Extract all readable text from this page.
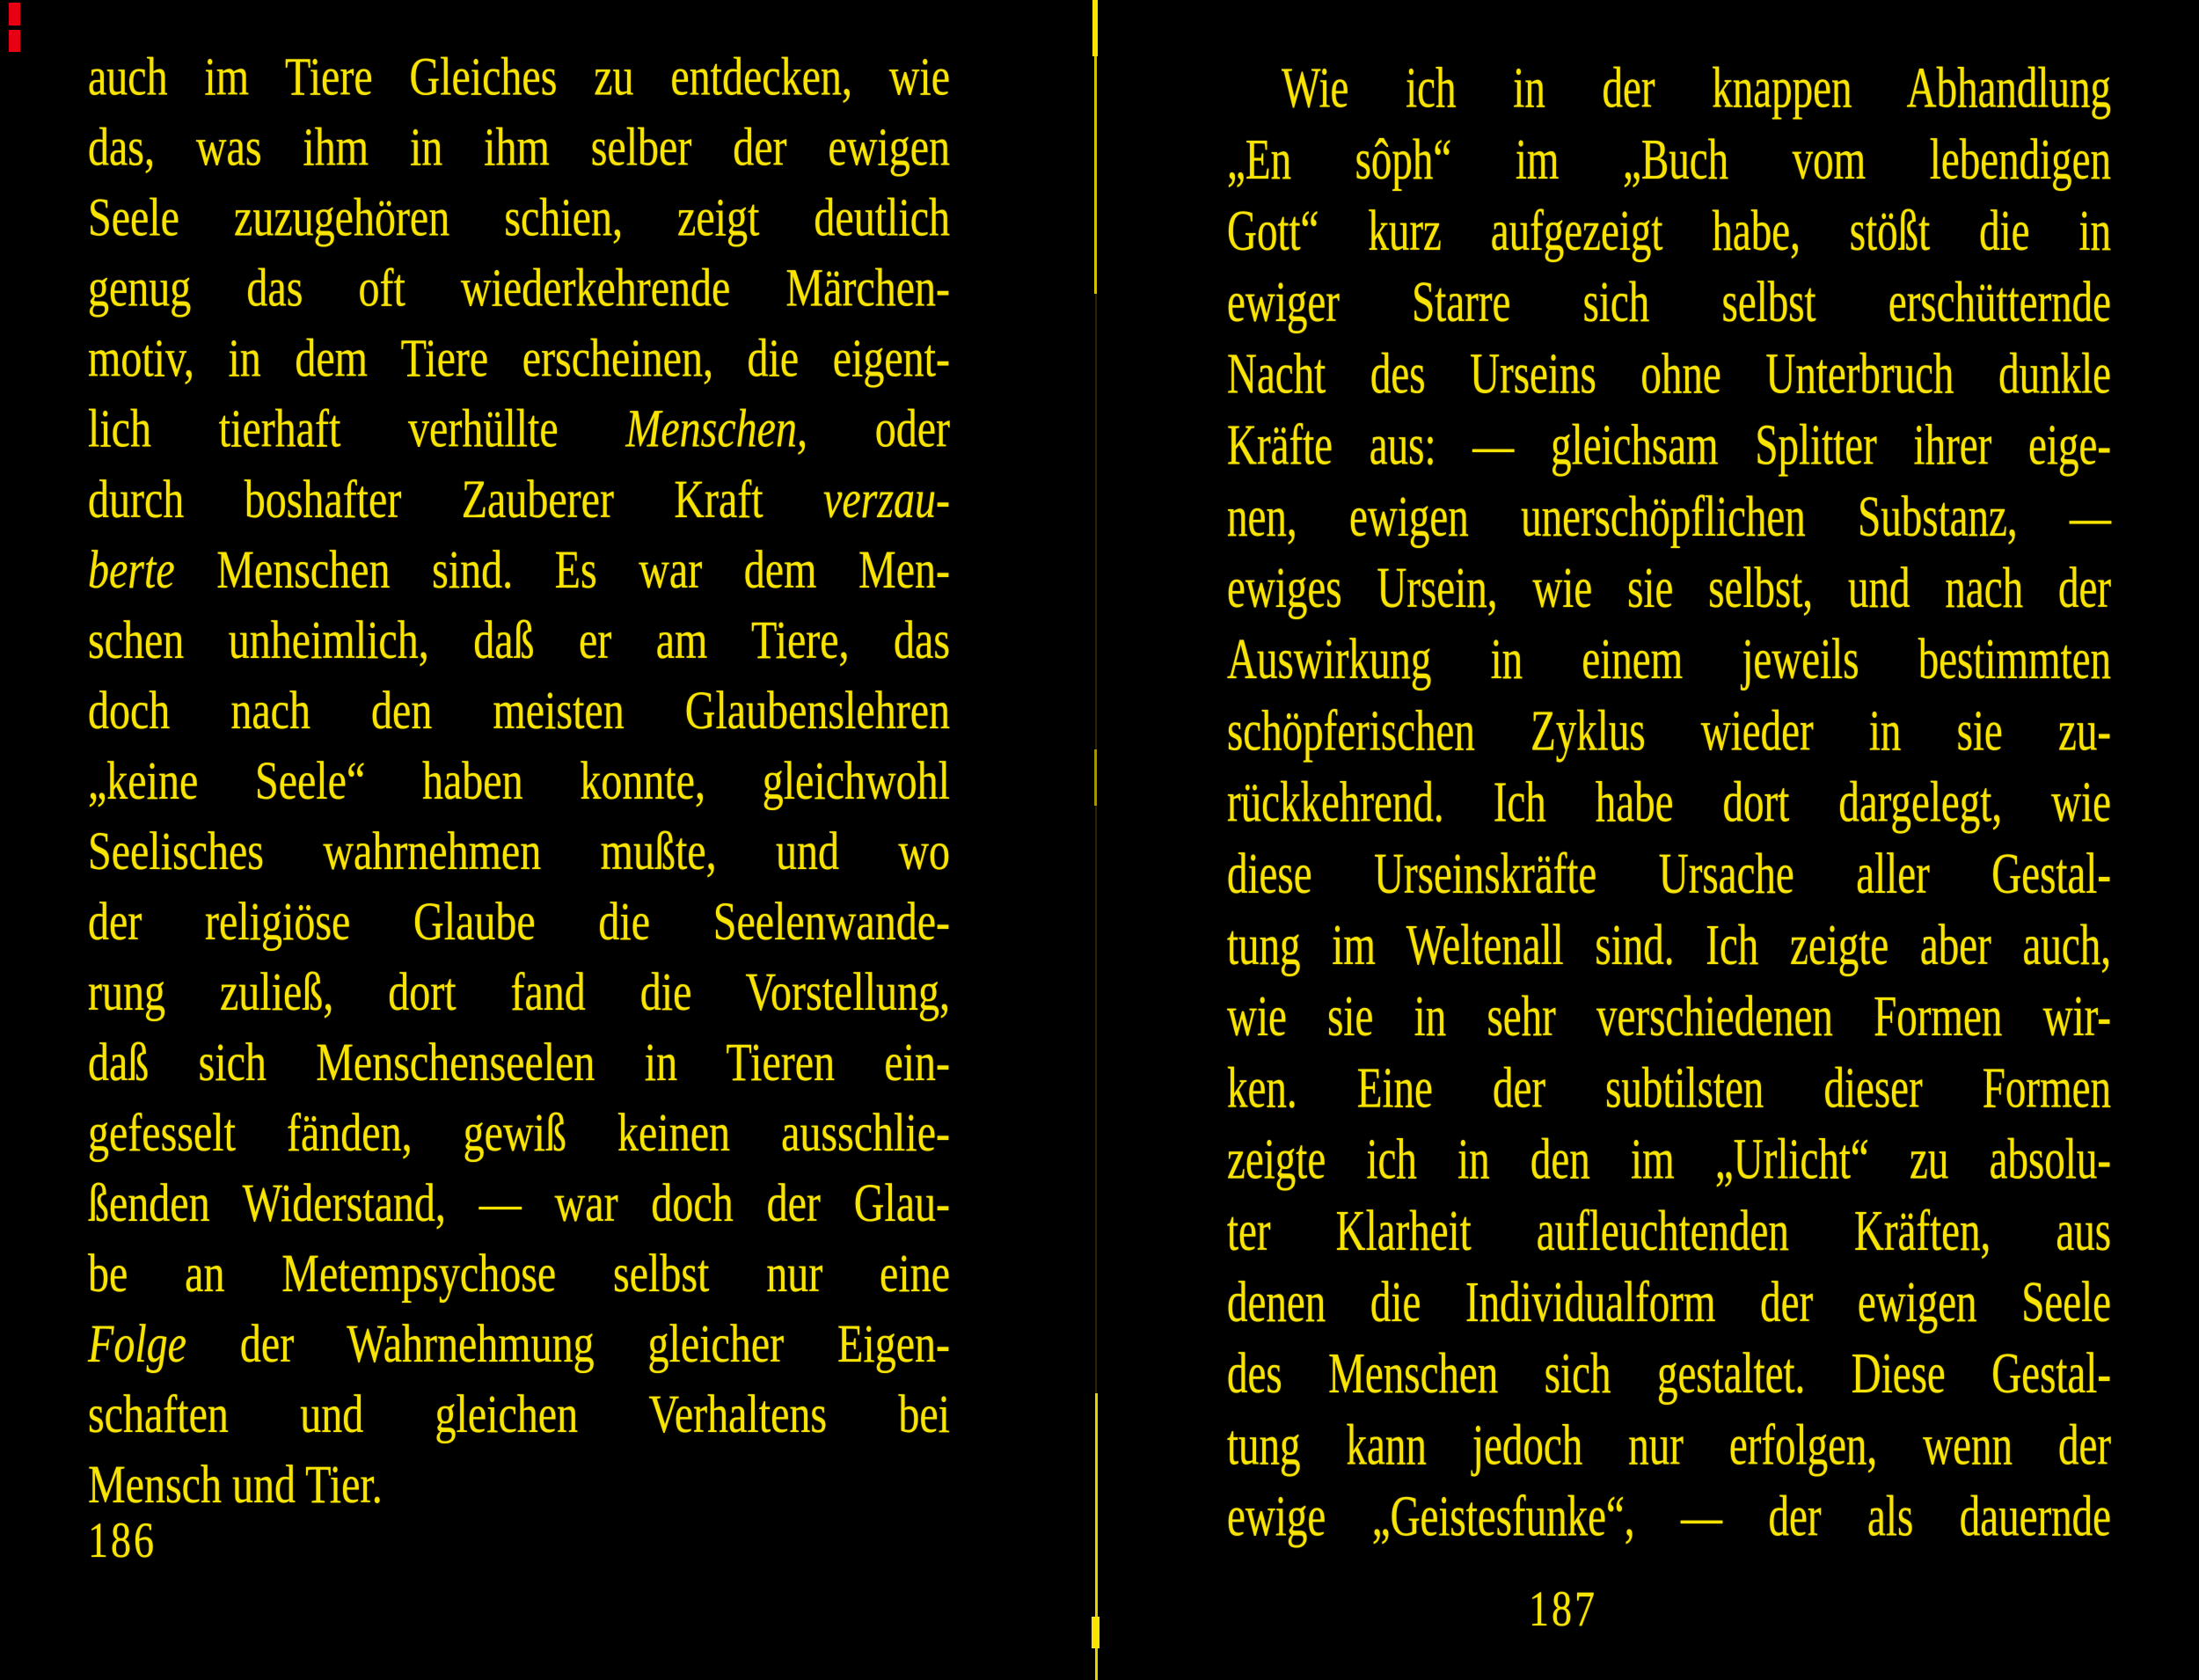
auch im Tiere Gleiches zu entdecken, wie
das, was ihm in ihm selber der ewigen
Seele zuzugehören schien, zeigt deutlich
genug das oft wiederkehrende Märchen-
motiv, in dem Tiere erscheinen, die eigent-
lich tierhaft verhüllte Menschen, oder
durch boshafter Zauberer Kraft verzau-
berte Menschen sind. Es war dem Men-
schen unheimlich, daß er am Tiere, das
doch nach den meisten Glaubenslehren
„keine Seele“ haben konnte, gleichwohl
Seelisches wahrnehmen mußte, und wo
der religiöse Glaube die Seelenwande-
rung zuließ, dort fand die Vorstellung,
daß sich Menschenseelen in Tieren ein-
gefesselt fänden, gewiß keinen ausschlie-
ßenden Widerstand, — war doch der Glau-
be an Metempsychose selbst nur eine
Folge der Wahrnehmung gleicher Eigen-
schaften und gleichen Verhaltens bei
Mensch und Tier.
186
Wie ich in der knappen Abhandlung
„En sôph“ im „Buch vom lebendigen
Gott“ kurz aufgezeigt habe, stößt die in
ewiger Starre sich selbst erschütternde
Nacht des Urseins ohne Unterbruch dunkle
Kräfte aus: — gleichsam Splitter ihrer eige-
nen, ewigen unerschöpflichen Substanz, —
ewiges Ursein, wie sie selbst, und nach der
Auswirkung in einem jeweils bestimmten
schöpferischen Zyklus wieder in sie zu-
rückkehrend. Ich habe dort dargelegt, wie
diese Urseinskräfte Ursache aller Gestal-
tung im Weltenall sind. Ich zeigte aber auch,
wie sie in sehr verschiedenen Formen wir-
ken. Eine der subtilsten dieser Formen
zeigte ich in den im „Urlicht“ zu absolu-
ter Klarheit aufleuchtenden Kräften, aus
denen die Individualform der ewigen Seele
des Menschen sich gestaltet. Diese Gestal-
tung kann jedoch nur erfolgen, wenn der
ewige „Geistesfunke“, — der als dauernde
187
